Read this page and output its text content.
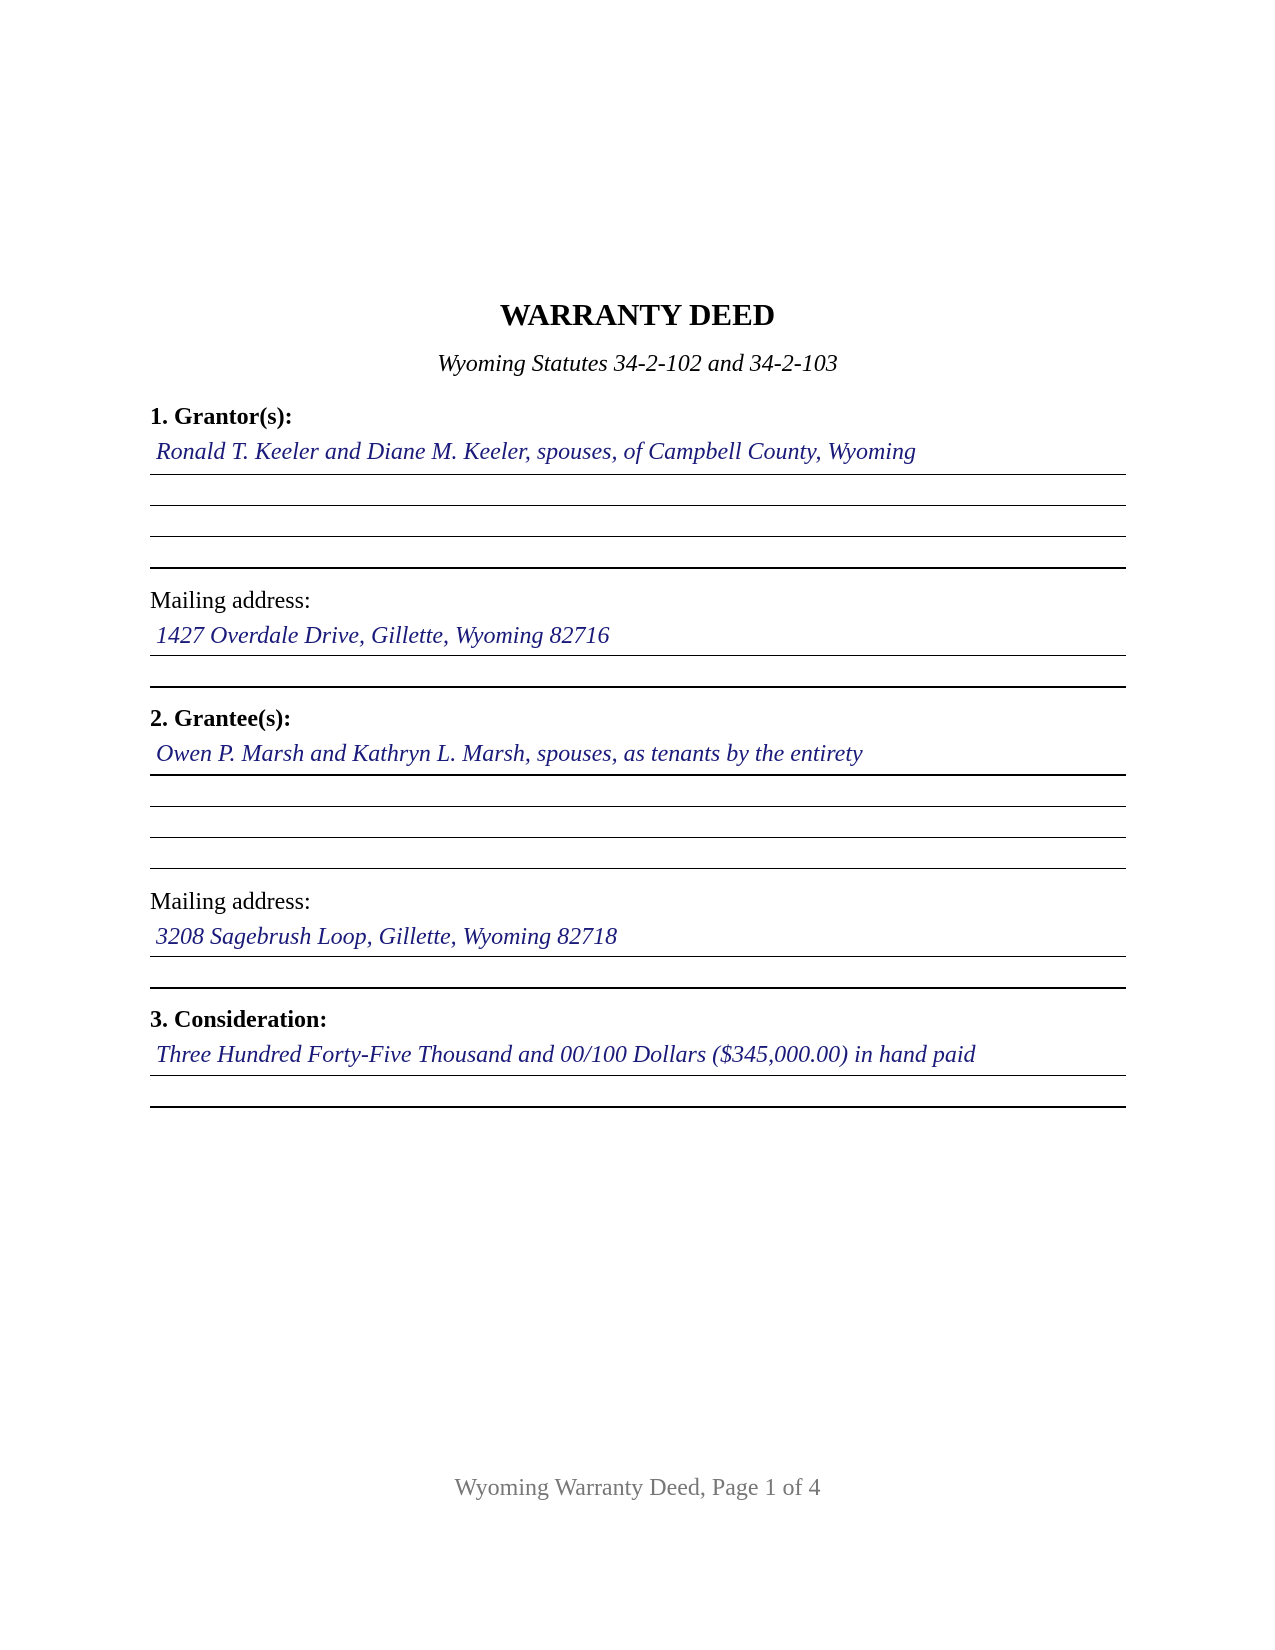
WARRANTY DEED
Wyoming Statutes 34-2-102 and 34-2-103
1. Grantor(s):
Ronald T. Keeler and Diane M. Keeler, spouses, of Campbell County, Wyoming
Mailing address:
1427 Overdale Drive, Gillette, Wyoming 82716
2. Grantee(s):
Owen P. Marsh and Kathryn L. Marsh, spouses, as tenants by the entirety
Mailing address:
3208 Sagebrush Loop, Gillette, Wyoming 82718
3. Consideration:
Three Hundred Forty-Five Thousand and 00/100 Dollars ($345,000.00) in hand paid
Wyoming Warranty Deed, Page 1 of 4
